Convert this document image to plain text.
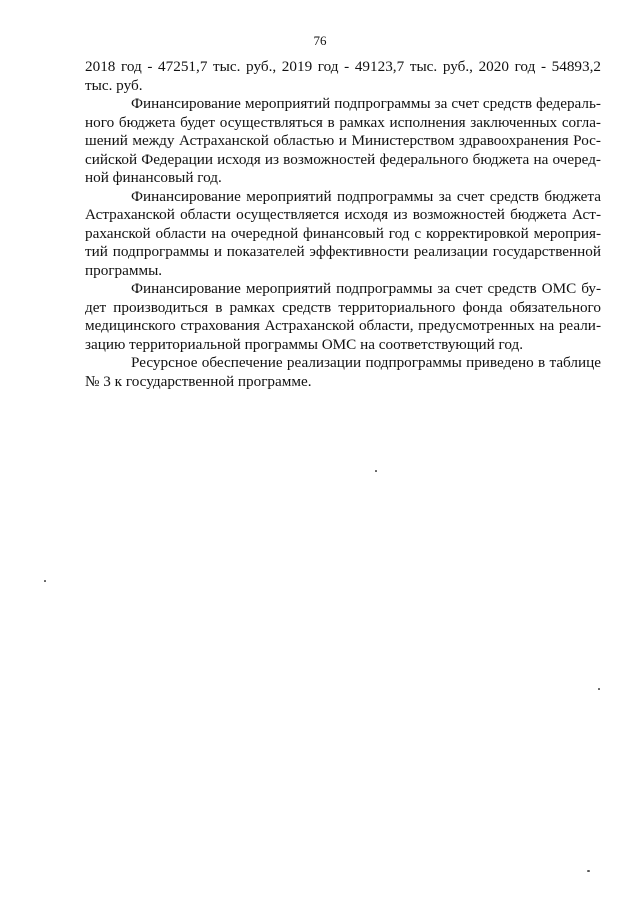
76
2018 год - 47251,7 тыс. руб., 2019 год - 49123,7 тыс. руб., 2020 год - 54893,2
тыс. руб.
Финансирование мероприятий подпрограммы за счет средств федераль-
ного бюджета будет осуществляться в рамках исполнения заключенных согла-
шений между Астраханской областью и Министерством здравоохранения Рос-
сийской Федерации исходя из возможностей федерального бюджета на очеред-
ной финансовый год.
Финансирование мероприятий подпрограммы за счет средств бюджета
Астраханской области осуществляется исходя из возможностей бюджета Аст-
раханской области на очередной финансовый год с корректировкой мероприя-
тий подпрограммы и показателей эффективности реализации государственной
программы.
Финансирование мероприятий подпрограммы за счет средств ОМС бу-
дет производиться в рамках средств территориального фонда обязательного
медицинского страхования Астраханской области, предусмотренных на реали-
зацию территориальной программы ОМС на соответствующий год.
Ресурсное обеспечение реализации подпрограммы приведено в таблице
№ 3 к государственной программе.
